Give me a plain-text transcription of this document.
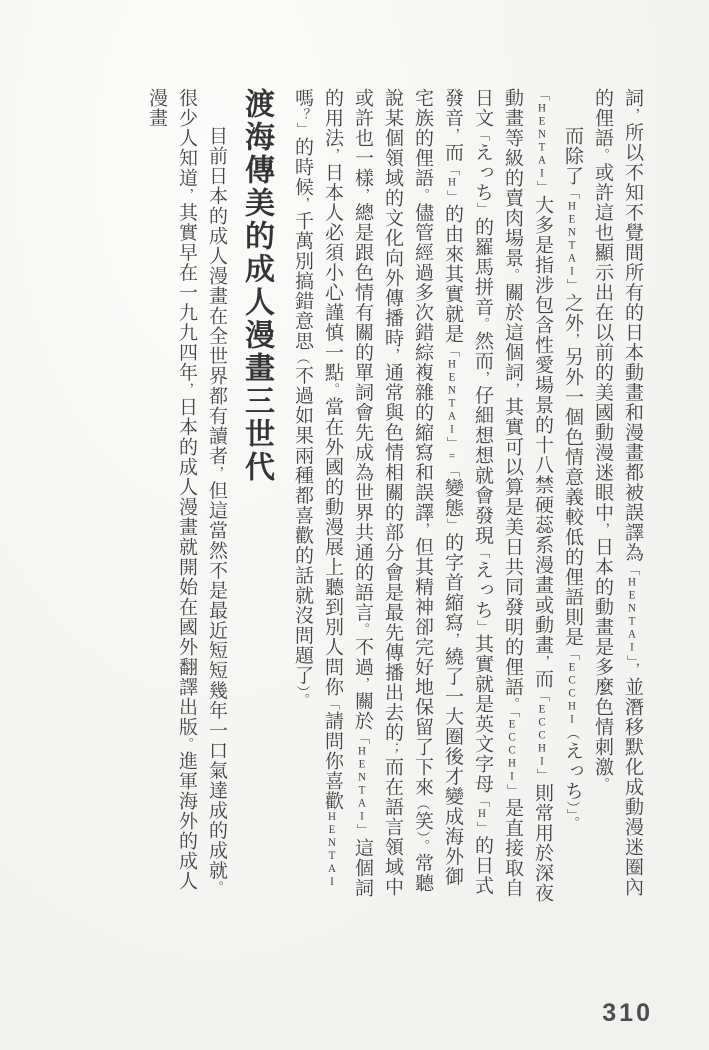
詞，所以不知不覺間所有的日本動畫和漫畫都被誤譯為「HENTAI」，並潛移默化成動漫迷圈內的俚語。或許這也顯示出在以前的美國動漫迷眼中，日本的動畫是多麼色情刺激。

而除了「HENTAI」之外，另外一個色情意義較低的俚語則是「ECCHI（えっち）」。「HENTAI」大多是指涉包含性愛場景的十八禁硬蕊系漫畫或動畫，而「ECCHI」則常用於深夜動畫等級的賣肉場景。關於這個詞，其實可以算是美日共同發明的俚語。「ECCHI」是直接取自日文「えっち」的羅馬拼音。然而，仔細想想就會發現「えっち」其實就是英文字母「H」的日式發音，而「H」的由來其實就是「HENTAI」=「變態」的字首縮寫，繞了一大圈後才變成海外御宅族的俚語。儘管經過多次錯綜複雜的縮寫和誤譯，但其精神卻完好地保留了下來（笑）。常聽說某個領域的文化向外傳播時，通常與色情相關的部分會是最先傳播出去的；而在語言領域中或許也一樣，總是跟色情有關的單詞會先成為世界共通的語言。不過，關於「HENTAI」這個詞的用法，日本人必須小心謹慎一點。當在外國的動漫展上聽到別人問你「請問你喜歡HENTAI嗎？」的時候，千萬別搞錯意思（不過如果兩種都喜歡的話就沒問題了）。

渡海傳美的成人漫畫三世代

目前日本的成人漫畫在全世界都有讀者，但這當然不是最近短短幾年一口氣達成的成就。很少人知道，其實早在一九九四年，日本的成人漫畫就開始在國外翻譯出版。進軍海外的成人漫畫

310
